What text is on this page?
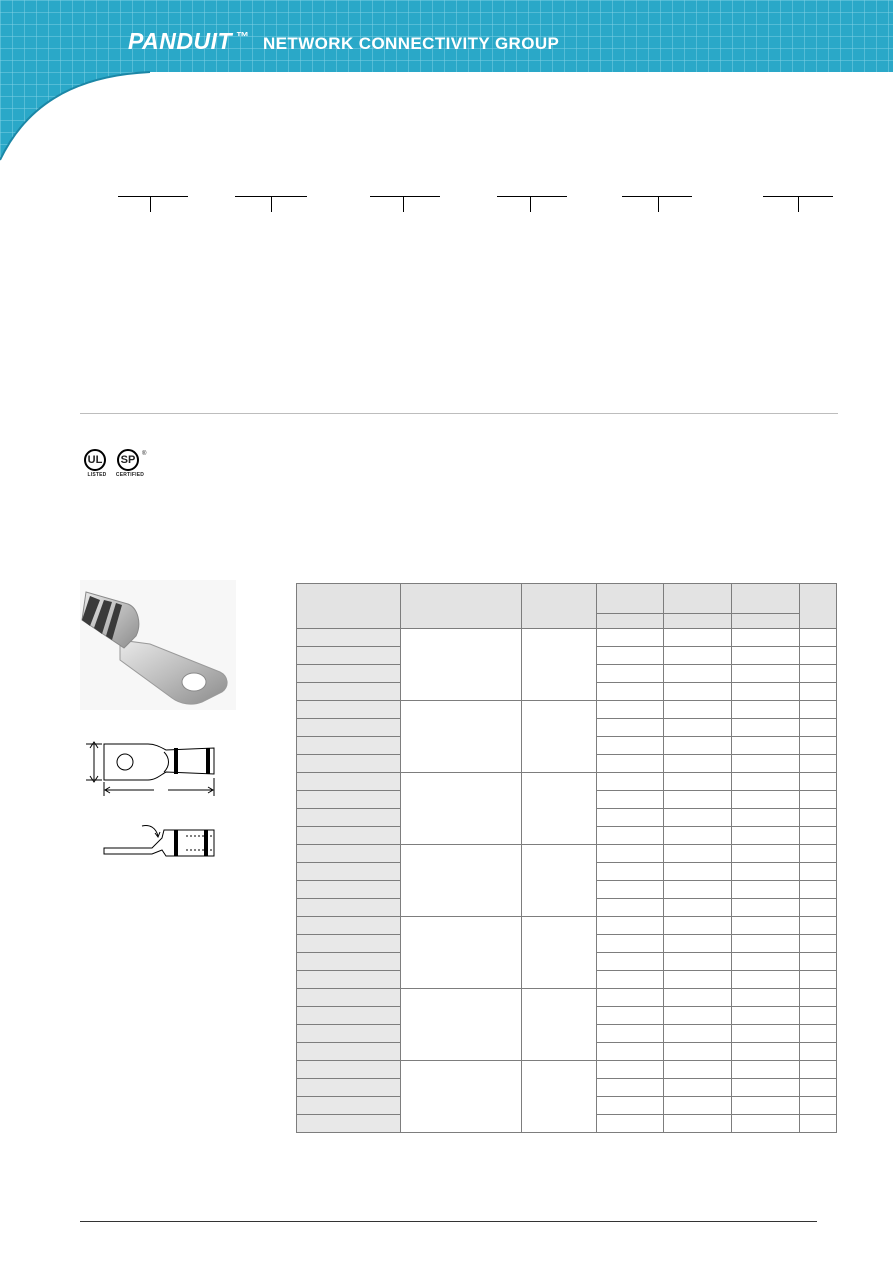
PANDUIT ™ NETWORK CONNECTIVITY GROUP
UL
LISTED
SP
CERTIFIED
®
